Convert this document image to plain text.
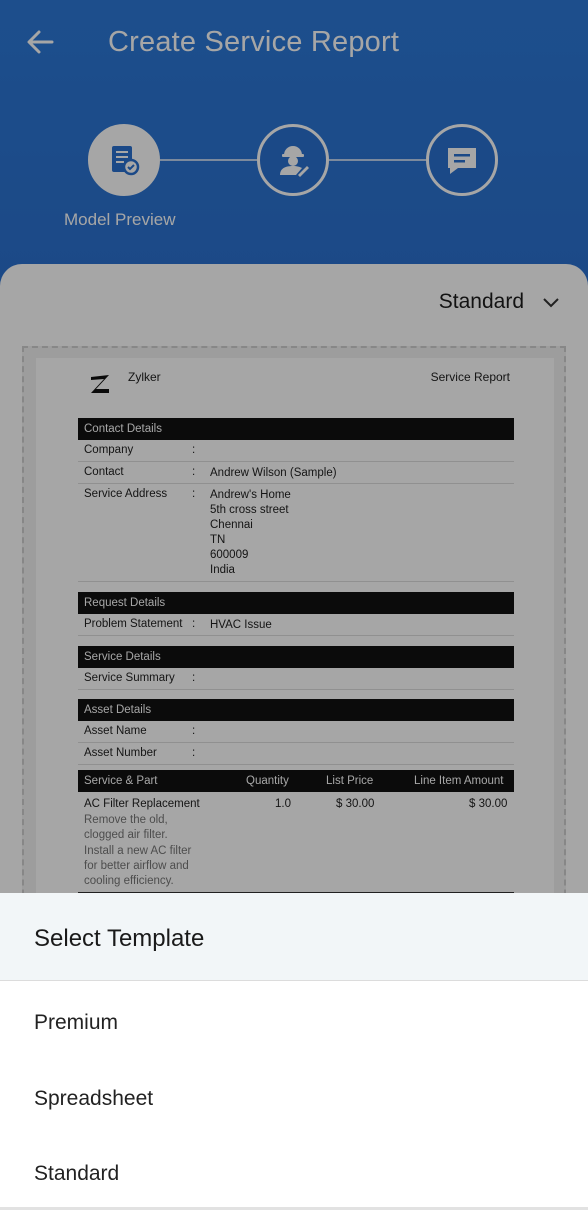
Create Service Report
Model Preview
Standard
Zylker	Service Report
Contact Details
Company	:
Contact	: Andrew Wilson (Sample)
Service Address : Andrew's Home
5th cross street
Chennai
TN
600009
India
Request Details
Problem Statement : HVAC Issue
Service Details
Service Summary :
Asset Details
Asset Name	:
Asset Number	:
Service & Part	Quantity	List Price	Line Item Amount
AC Filter Replacement
Remove the old,
clogged air filter.
Install a new AC filter
for better airflow and
cooling efficiency.
1.0	$ 30.00	$ 30.00
Select Template
Premium
Spreadsheet
Standard
